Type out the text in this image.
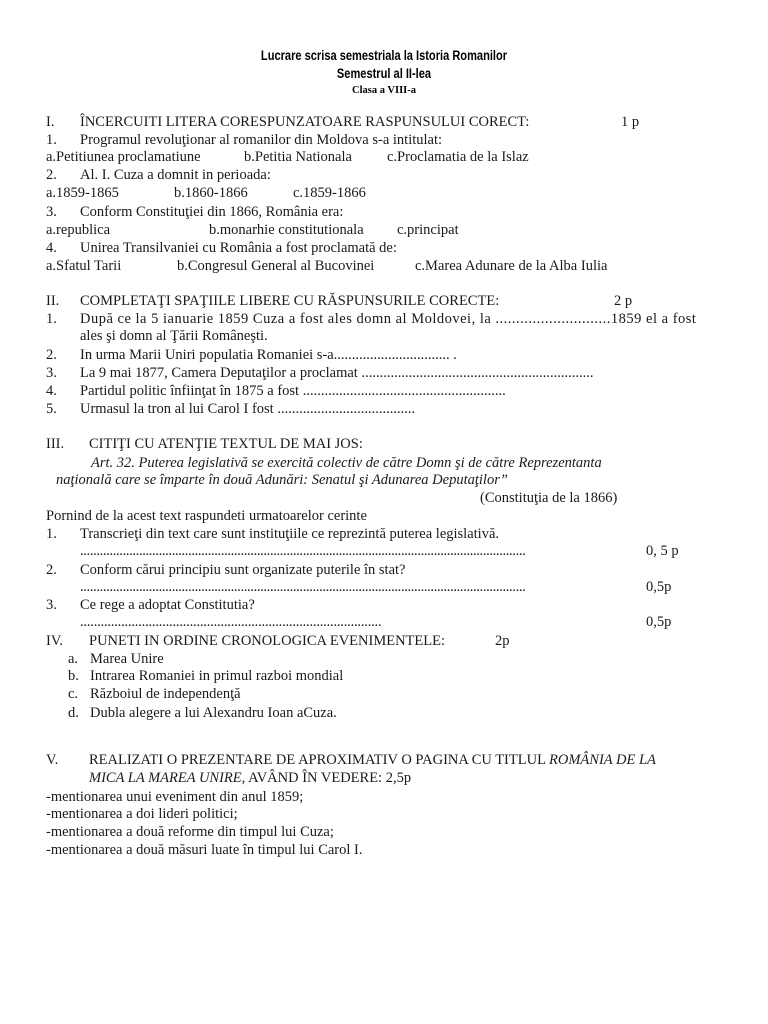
Lucrare scrisa semestriala la Istoria Romanilor
Semestrul al II-lea
Clasa a VIII-a
I. ÎNCERCUITI LITERA CORESPUNZATOARE RASPUNSULUI CORECT:	1 p
1. Programul revoluţionar al romanilor din Moldova s-a intitulat:
a.Petitiunea proclamatiune	b.Petitia Nationala c.Proclamatia de la Islaz
2. Al. I. Cuza a domnit in perioada:
a.1859-1865	b.1860-1866	c.1859-1866
3. Conform Constituţiei din 1866, România era:
a.republica	b.monarhie constitutionala c.principat
4. Unirea Transilvaniei cu România a fost proclamată de:
a.Sfatul Tarii	b.Congresul General al Bucovinei	c.Marea Adunare de la Alba Iulia
II. COMPLETAŢI SPAŢIILE LIBERE CU RĂSPUNSURILE CORECTE:	2 p
1. După ce la 5 ianuarie 1859 Cuza a fost ales domn al Moldovei, la ............................1859 el a fost
ales şi domn al Ţării Româneşti.
2. In urma Marii Uniri populatia Romaniei s-a................................ .
3. La 9 mai 1877, Camera Deputaţilor a proclamat ................................................................
4. Partidul politic înfiinţat în 1875 a fost ........................................................
5. Urmasul la tron al lui Carol I fost ......................................
III. CITIŢI CU ATENŢIE TEXTUL DE MAI JOS:
Art. 32. Puterea legislativă se exercită colectiv de către Domn şi de către Reprezentanta
naţională care se împarte în două Adunări: Senatul şi Adunarea Deputaţilor”
(Constituţia de la 1866)
Pornind de la acest text raspundeti urmatoarelor cerinte
1. Transcrieţi din text care sunt instituţiile ce reprezintă puterea legislativă.
........................................................................................................................................	0, 5 p
2. Conform cărui principiu sunt organizate puterile în stat?
........................................................................................................................................	0,5p
3. Ce rege a adoptat Constitutia?
........................................................................................	0,5p
IV. PUNETI IN ORDINE CRONOLOGICA EVENIMENTELE:	2p
a. Marea Unire
b. Intrarea Romaniei in primul razboi mondial
c. Războiul de independenţă
d. Dubla alegere a lui Alexandru Ioan aCuza.
V. REALIZATI O PREZENTARE DE APROXIMATIV O PAGINA CU TITLUL ROMÂNIA DE LA
MICA LA MAREA UNIRE, AVÂND ÎN VEDERE: 2,5p
-mentionarea unui eveniment din anul 1859;
-mentionarea a doi lideri politici;
-mentionarea a două reforme din timpul lui Cuza;
-mentionarea a două măsuri luate în timpul lui Carol I.
